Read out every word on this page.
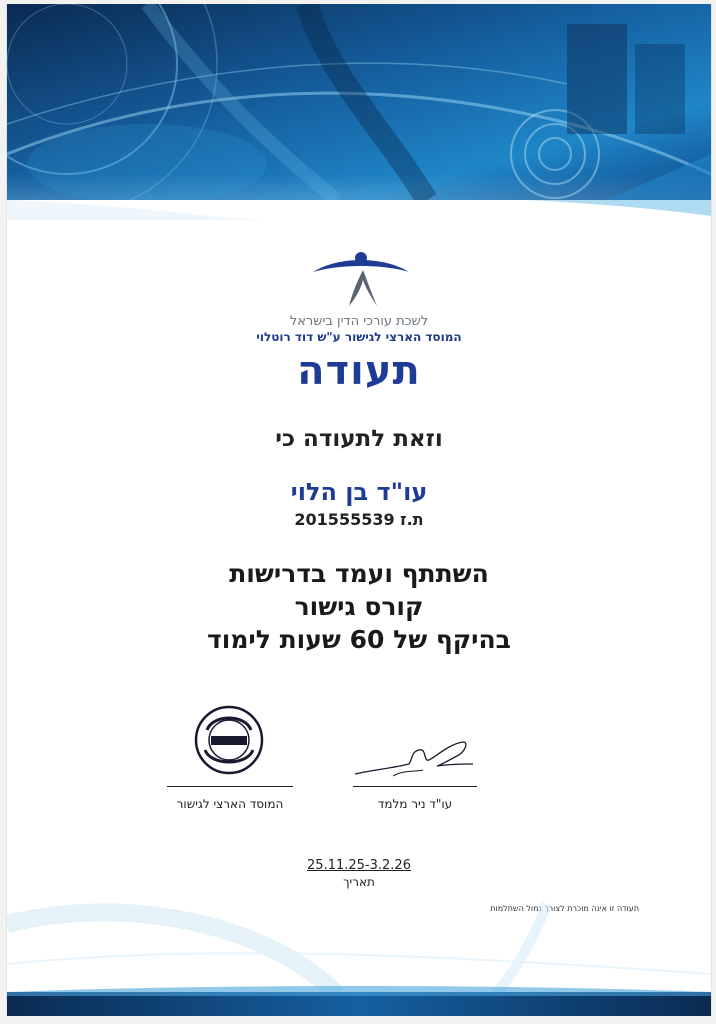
לשכת עורכי הדין בישראל
המוסד הארצי לגישור ע"ש דוד רוטלוי
תעודה
וזאת לתעודה כי
עו"ד בן הלוי
ת.ז 201555539
השתתף ועמד בדרישות
קורס גישור
בהיקף של 60 שעות לימוד
המוסד הארצי לגישור	עו"ד ניר מלמד
25.11.25-3.2.26
תאריך
תעודה זו אינה מוכרת לצורך גמול השתלמות
